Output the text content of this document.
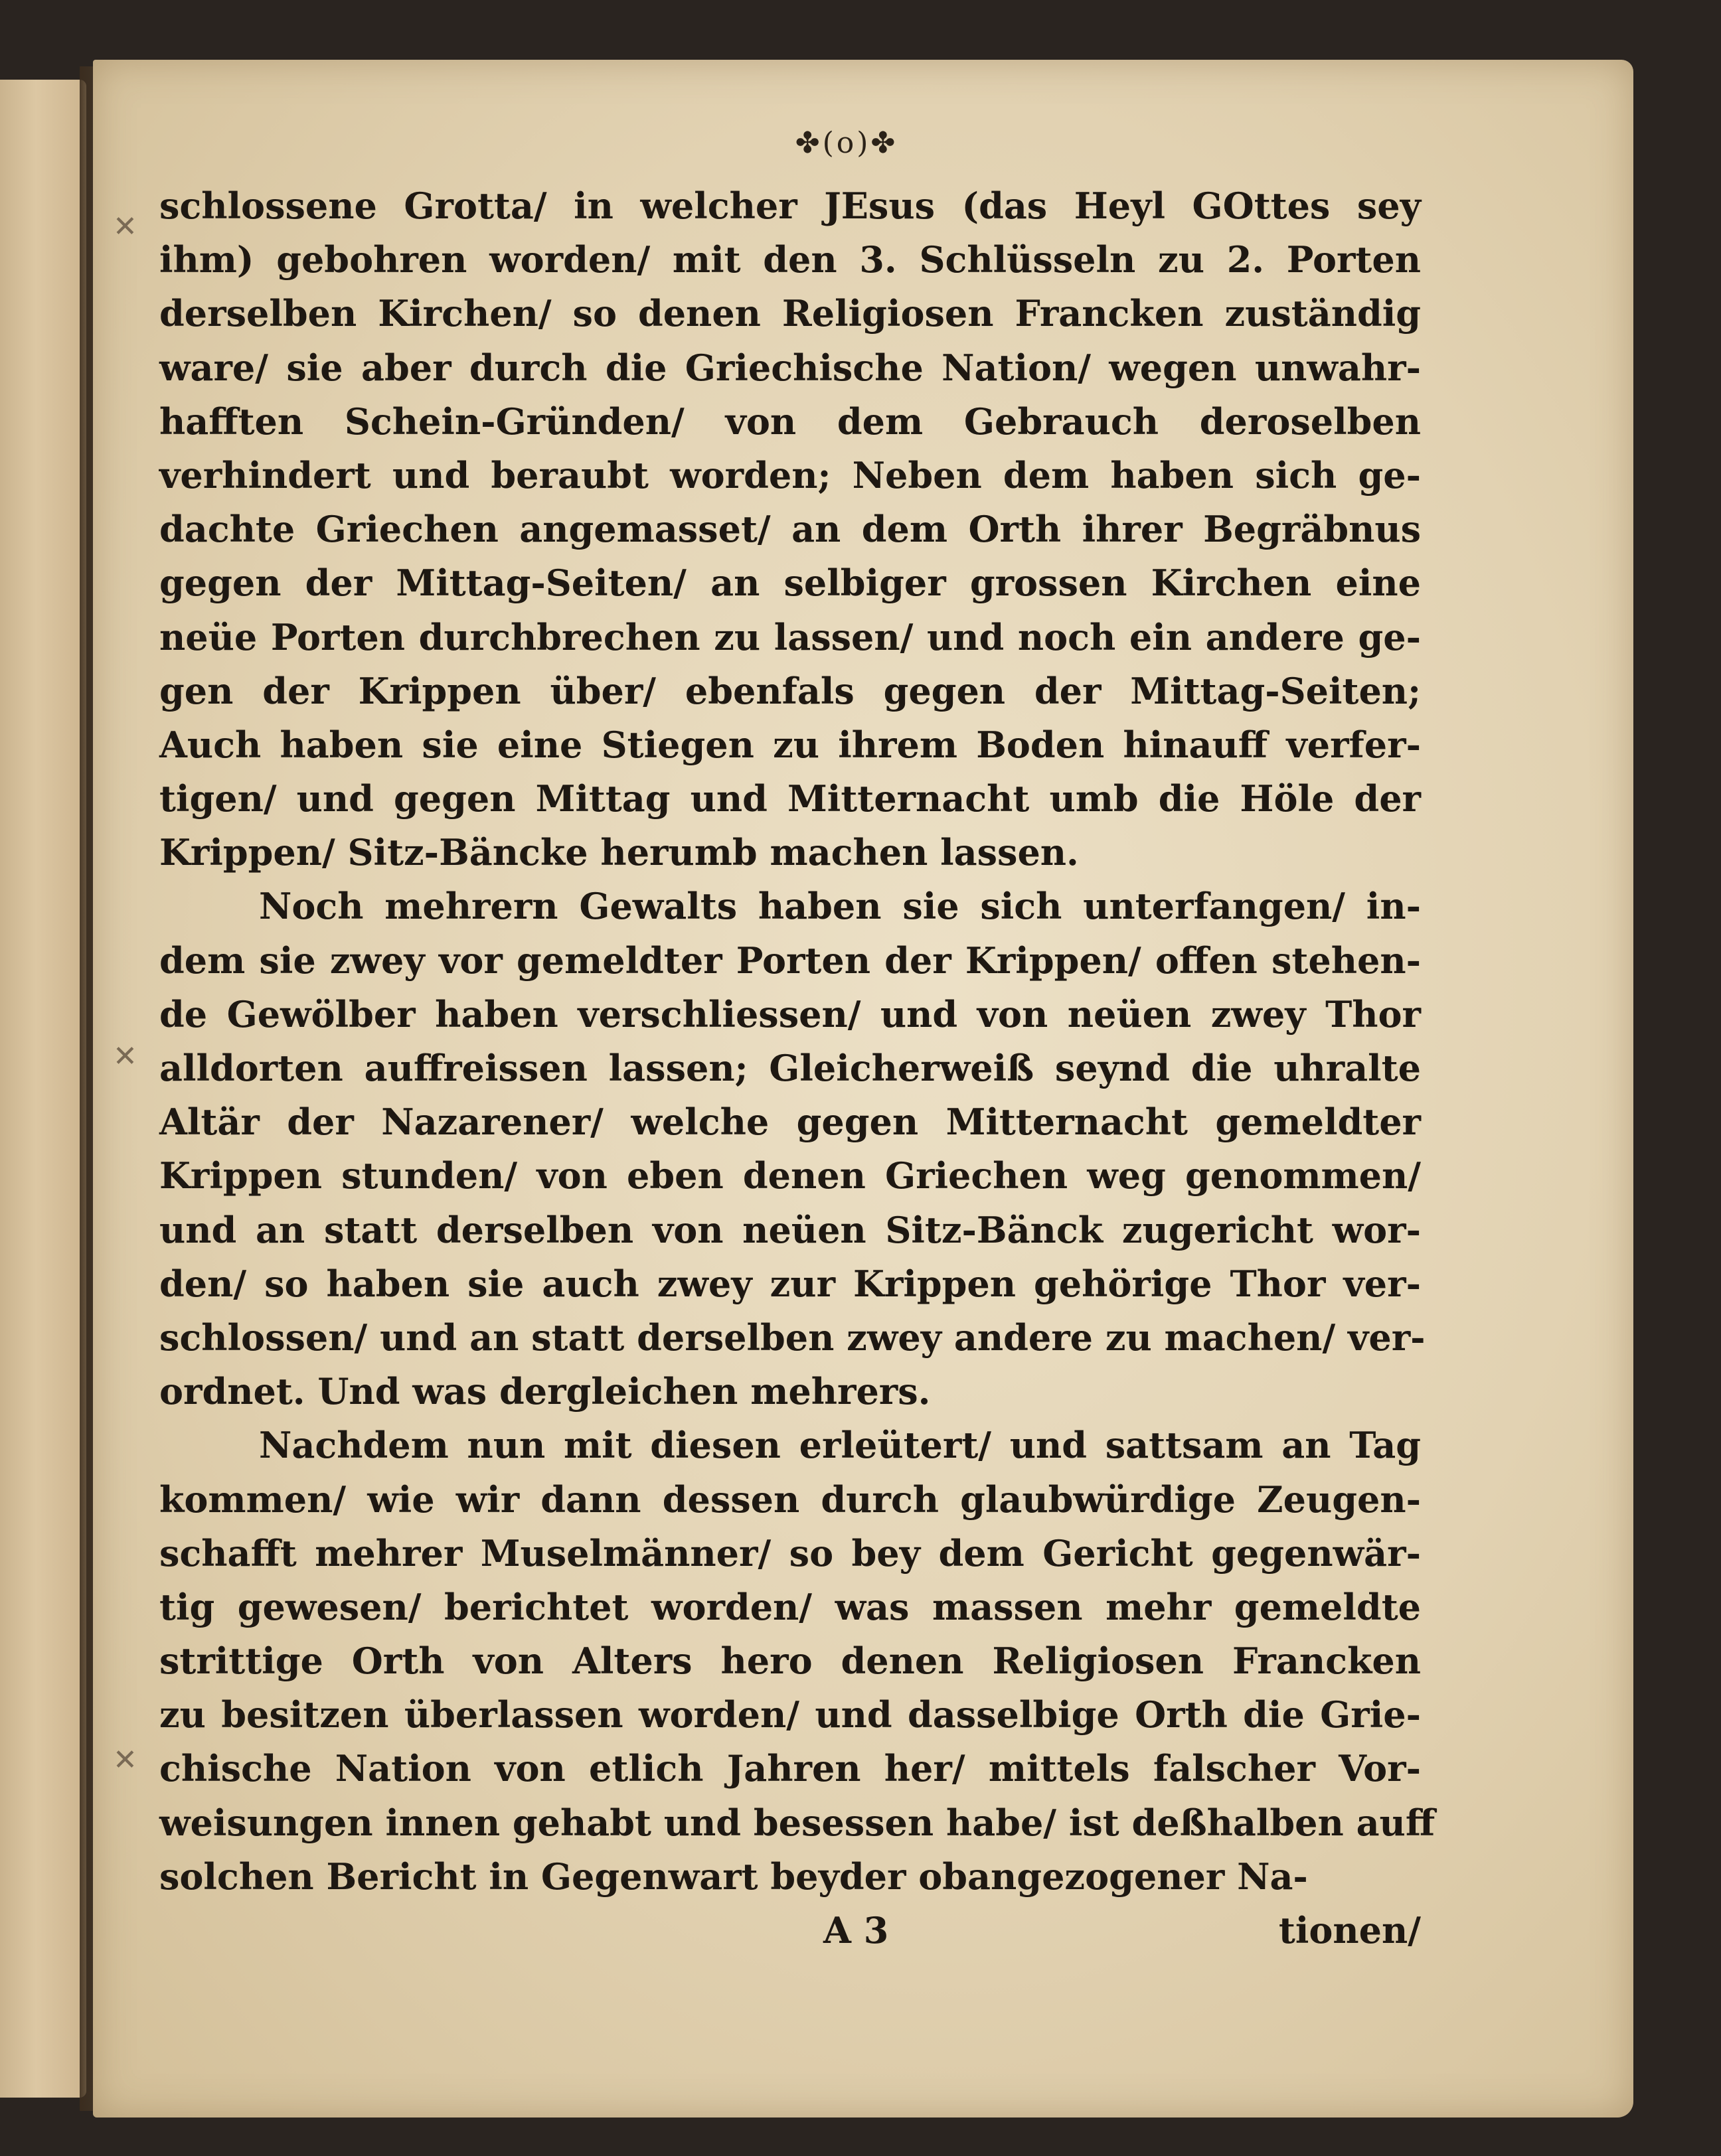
✕
✕
✕
✤(o)✤
schlossene Grotta/ in welcher JEsus (das Heyl GOttes sey
ihm) gebohren worden/ mit den 3. Schlüsseln zu 2. Porten
derselben Kirchen/ so denen Religiosen Francken zuständig
ware/ sie aber durch die Griechische Nation/ wegen unwahr-
hafften Schein-Gründen/ von dem Gebrauch deroselben
verhindert und beraubt worden; Neben dem haben sich ge-
dachte Griechen angemasset/ an dem Orth ihrer Begräbnus
gegen der Mittag-Seiten/ an selbiger grossen Kirchen eine
neüe Porten durchbrechen zu lassen/ und noch ein andere ge-
gen der Krippen über/ ebenfals gegen der Mittag-Seiten;
Auch haben sie eine Stiegen zu ihrem Boden hinauff verfer-
tigen/ und gegen Mittag und Mitternacht umb die Höle der
Krippen/ Sitz-Bäncke herumb machen lassen.
Noch mehrern Gewalts haben sie sich unterfangen/ in-
dem sie zwey vor gemeldter Porten der Krippen/ offen stehen-
de Gewölber haben verschliessen/ und von neüen zwey Thor
alldorten auffreissen lassen; Gleicherweiß seynd die uhralte
Altär der Nazarener/ welche gegen Mitternacht gemeldter
Krippen stunden/ von eben denen Griechen weg genommen/
und an statt derselben von neüen Sitz-Bänck zugericht wor-
den/ so haben sie auch zwey zur Krippen gehörige Thor ver-
schlossen/ und an statt derselben zwey andere zu machen/ ver-
ordnet. Und was dergleichen mehrers.
Nachdem nun mit diesen erleütert/ und sattsam an Tag
kommen/ wie wir dann dessen durch glaubwürdige Zeugen-
schafft mehrer Muselmänner/ so bey dem Gericht gegenwär-
tig gewesen/ berichtet worden/ was massen mehr gemeldte
strittige Orth von Alters hero denen Religiosen Francken
zu besitzen überlassen worden/ und dasselbige Orth die Grie-
chische Nation von etlich Jahren her/ mittels falscher Vor-
weisungen innen gehabt und besessen habe/ ist deßhalben auff
solchen Bericht in Gegenwart beyder obangezogener Na-
A 3	tionen/
